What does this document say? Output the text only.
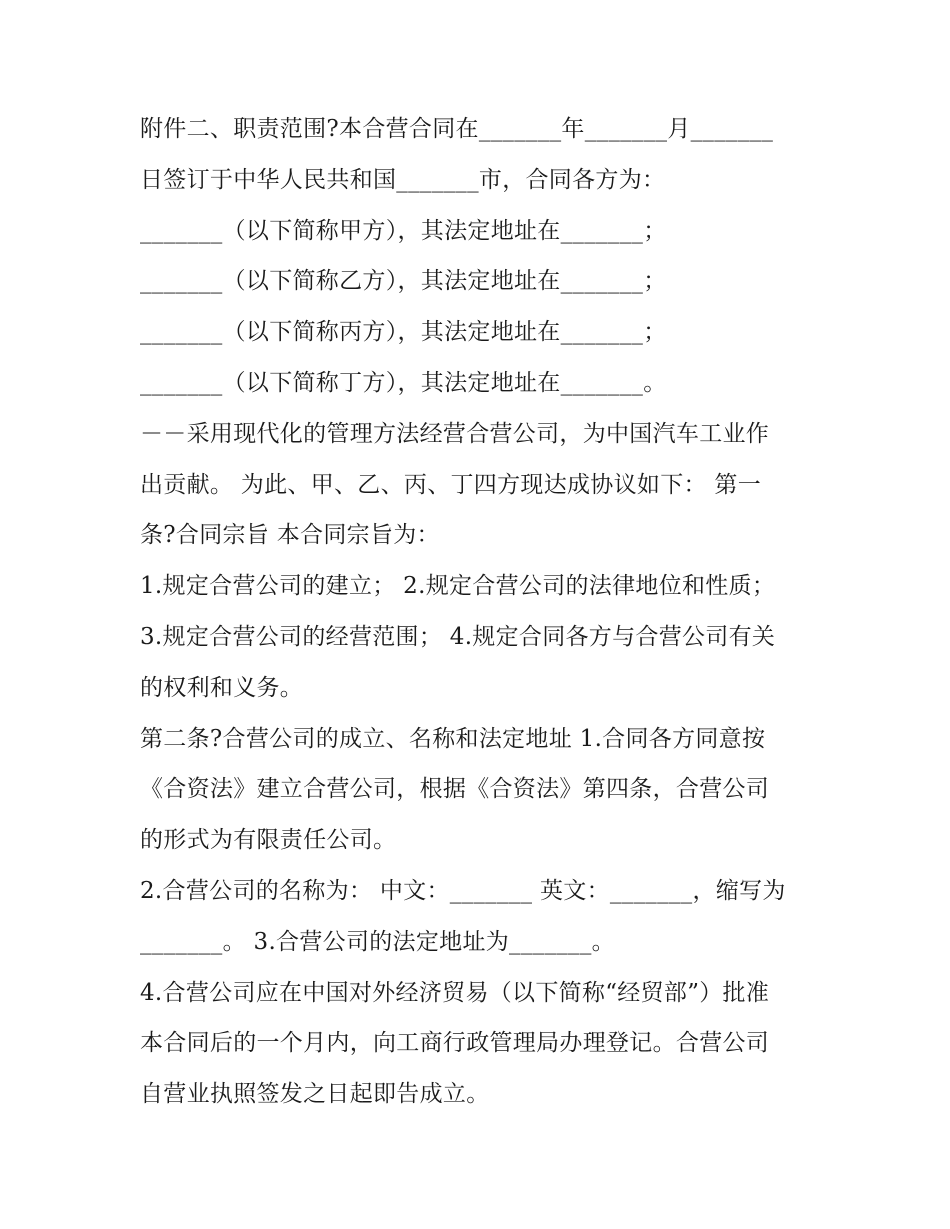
附件二、职责范围?本合营合同在_______年_______月_______
日签订于中华人民共和国_______市，合同各方为：
_______（以下简称甲方），其法定地址在_______；
_______（以下简称乙方），其法定地址在_______；
_______（以下简称丙方），其法定地址在_______；
_______（以下简称丁方），其法定地址在_______。
－－采用现代化的管理方法经营合营公司，为中国汽车工业作
出贡献。 为此、甲、乙、丙、丁四方现达成协议如下： 第一
条?合同宗旨 本合同宗旨为：
1.规定合营公司的建立； 2.规定合营公司的法律地位和性质；
3.规定合营公司的经营范围； 4.规定合同各方与合营公司有关
的权利和义务。
第二条?合营公司的成立、名称和法定地址 1.合同各方同意按
《合资法》建立合营公司，根据《合资法》第四条，合营公司
的形式为有限责任公司。
2.合营公司的名称为： 中文：_______ 英文：_______，缩写为
_______。 3.合营公司的法定地址为_______。
4.合营公司应在中国对外经济贸易（以下简称“经贸部”）批准
本合同后的一个月内，向工商行政管理局办理登记。合营公司
自营业执照签发之日起即告成立。
